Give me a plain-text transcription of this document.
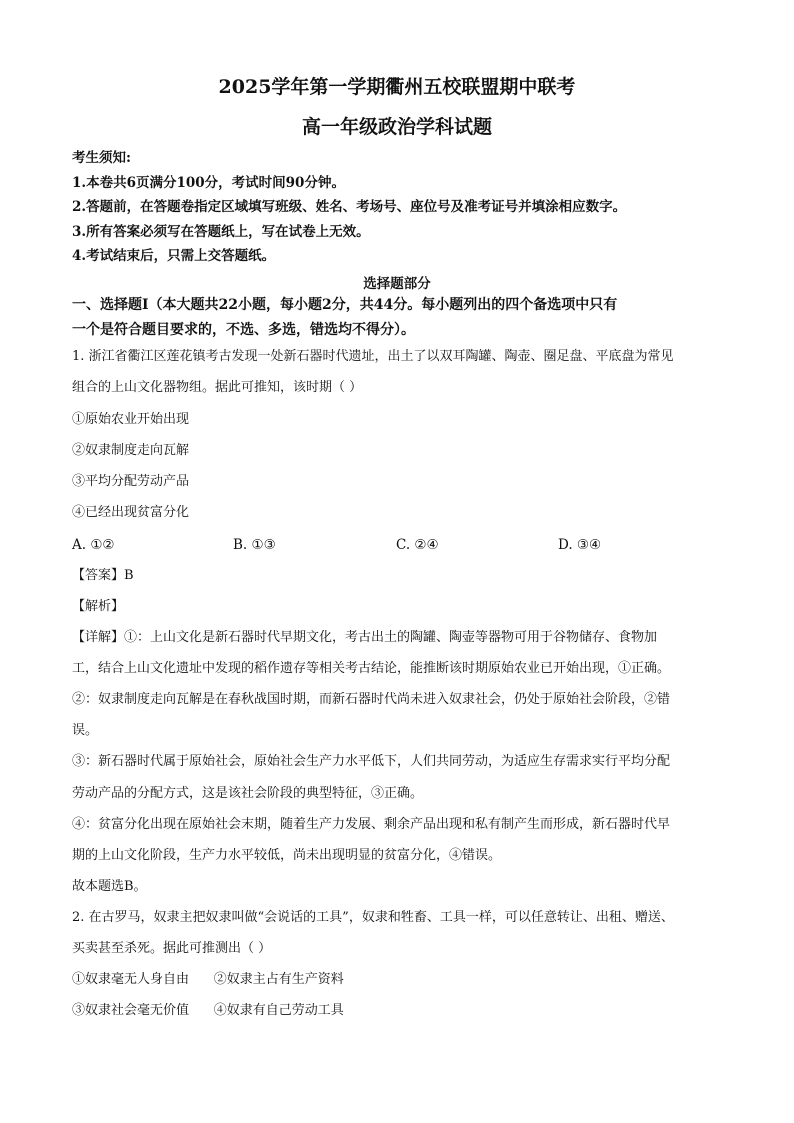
2025学年第一学期衢州五校联盟期中联考
高一年级政治学科试题
考生须知:
1.本卷共6页满分100分，考试时间90分钟。
2.答题前，在答题卷指定区域填写班级、姓名、考场号、座位号及准考证号并填涂相应数字。
3.所有答案必须写在答题纸上，写在试卷上无效。
4.考试结束后，只需上交答题纸。
选择题部分
一、选择题Ⅰ（本大题共22小题，每小题2分，共44分。每小题列出的四个备选项中只有
一个是符合题目要求的，不选、多选，错选均不得分）。
1. 浙江省衢江区莲花镇考古发现一处新石器时代遗址，出土了以双耳陶罐、陶壶、圈足盘、平底盘为常见
组合的上山文化器物组。据此可推知，该时期（ ）
①原始农业开始出现
②奴隶制度走向瓦解
③平均分配劳动产品
④已经出现贫富分化
A. ①②	B. ①③	C. ②④	D. ③④
【答案】B
【解析】
【详解】①：上山文化是新石器时代早期文化，考古出土的陶罐、陶壶等器物可用于谷物储存、食物加
工，结合上山文化遗址中发现的稻作遗存等相关考古结论，能推断该时期原始农业已开始出现，①正确。
②：奴隶制度走向瓦解是在春秋战国时期，而新石器时代尚未进入奴隶社会，仍处于原始社会阶段，②错
误。
③：新石器时代属于原始社会，原始社会生产力水平低下，人们共同劳动，为适应生存需求实行平均分配
劳动产品的分配方式，这是该社会阶段的典型特征，③正确。
④：贫富分化出现在原始社会末期，随着生产力发展、剩余产品出现和私有制产生而形成，新石器时代早
期的上山文化阶段，生产力水平较低，尚未出现明显的贫富分化，④错误。
故本题选B。
2. 在古罗马，奴隶主把奴隶叫做“会说话的工具”，奴隶和牲畜、工具一样，可以任意转让、出租、赠送、
买卖甚至杀死。据此可推测出（ ）
①奴隶毫无人身自由      ②奴隶主占有生产资料
③奴隶社会毫无价值      ④奴隶有自己劳动工具
